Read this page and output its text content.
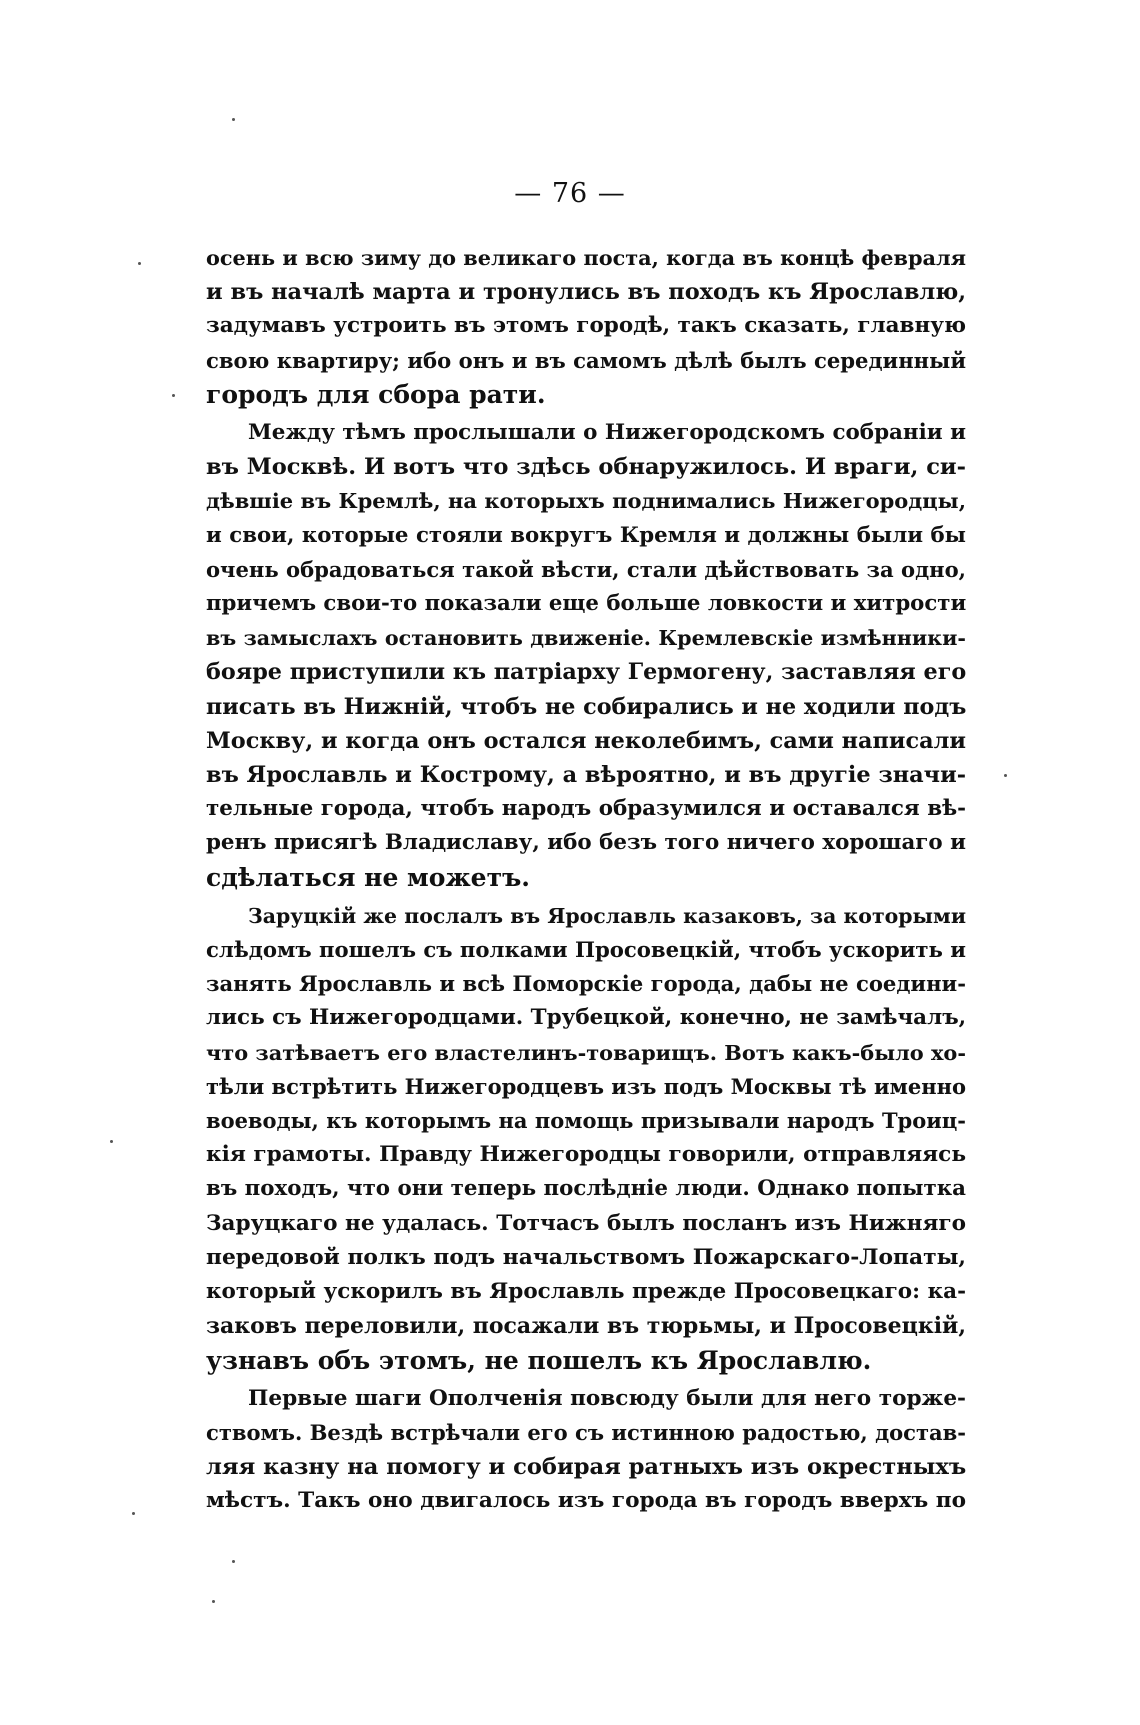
— 76 —
осень и всю зиму до великаго поста, когда въ концѣ февраля
и въ началѣ марта и тронулись въ походъ къ Ярославлю,
задумавъ устроить въ этомъ городѣ, такъ сказать, главную
свою квартиру; ибо онъ и въ самомъ дѣлѣ былъ серединный
городъ для сбора рати.
Между тѣмъ прослышали о Нижегородскомъ собраніи и
въ Москвѣ. И вотъ что здѣсь обнаружилось. И враги, си-
дѣвшіе въ Кремлѣ, на которыхъ поднимались Нижегородцы,
и свои, которые стояли вокругъ Кремля и должны были бы
очень обрадоваться такой вѣсти, стали дѣйствовать за одно,
причемъ свои-то показали еще больше ловкости и хитрости
въ замыслахъ остановить движеніе. Кремлевскіе измѣнники-
бояре приступили къ патріарху Гермогену, заставляя его
писать въ Нижній, чтобъ не собирались и не ходили подъ
Москву, и когда онъ остался неколебимъ, сами написали
въ Ярославль и Кострому, а вѣроятно, и въ другіе значи-
тельные города, чтобъ народъ образумился и оставался вѣ-
ренъ присягѣ Владиславу, ибо безъ того ничего хорошаго и
сдѣлаться не можетъ.
Заруцкій же послалъ въ Ярославль казаковъ, за которыми
слѣдомъ пошелъ съ полками Просовецкій, чтобъ ускорить и
занять Ярославль и всѣ Поморскіе города, дабы не соедини-
лись съ Нижегородцами. Трубецкой, конечно, не замѣчалъ,
что затѣваетъ его властелинъ-товарищъ. Вотъ какъ-было хо-
тѣли встрѣтить Нижегородцевъ изъ подъ Москвы тѣ именно
воеводы, къ которымъ на помощь призывали народъ Троиц-
кія грамоты. Правду Нижегородцы говорили, отправляясь
въ походъ, что они теперь послѣдніе люди. Однако попытка
Заруцкаго не удалась. Тотчасъ былъ посланъ изъ Нижняго
передовой полкъ подъ начальствомъ Пожарскаго-Лопаты,
который ускорилъ въ Ярославль прежде Просовецкаго: ка-
заковъ переловили, посажали въ тюрьмы, и Просовецкій,
узнавъ объ этомъ, не пошелъ къ Ярославлю.
Первые шаги Ополченія повсюду были для него торже-
ствомъ. Вездѣ встрѣчали его съ истинною радостью, достав-
ляя казну на помогу и собирая ратныхъ изъ окрестныхъ
мѣстъ. Такъ оно двигалось изъ города въ городъ вверхъ по
